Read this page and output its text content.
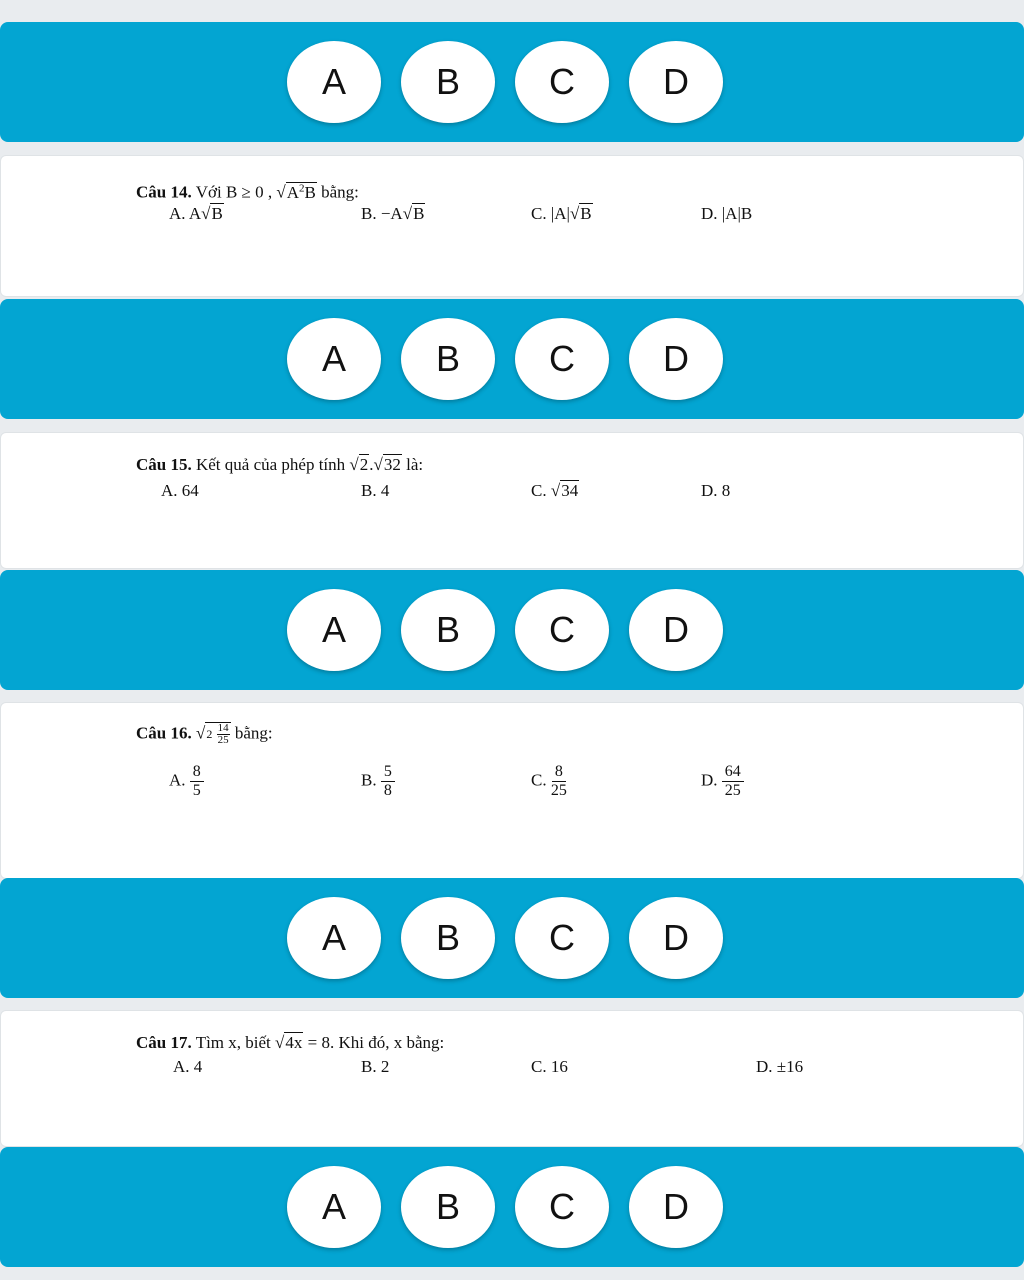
A	B	C	D
Câu 14. Với B ≥ 0 , $√A^2B$ bằng:
A. A√B	B. −A√B	C. |A|√B	D. |A|B
A	B	C	D
Câu 15. Kết quả của phép tính √2.√32 là:
A. 64	B. 4	C. √34	D. 8
A	B	C	D
Câu 16. $√2 \frac{14}{25}$ bằng:
A. $\frac{8}{5}$	B. $\frac{5}{8}$	C. $\frac{8}{25}$	D. $\frac{64}{25}$
A	B	C	D
Câu 17. Tìm x, biết √4x = 8. Khi đó, x bằng:
A. 4	B. 2	C. 16	D. ±16
A	B	C	D
